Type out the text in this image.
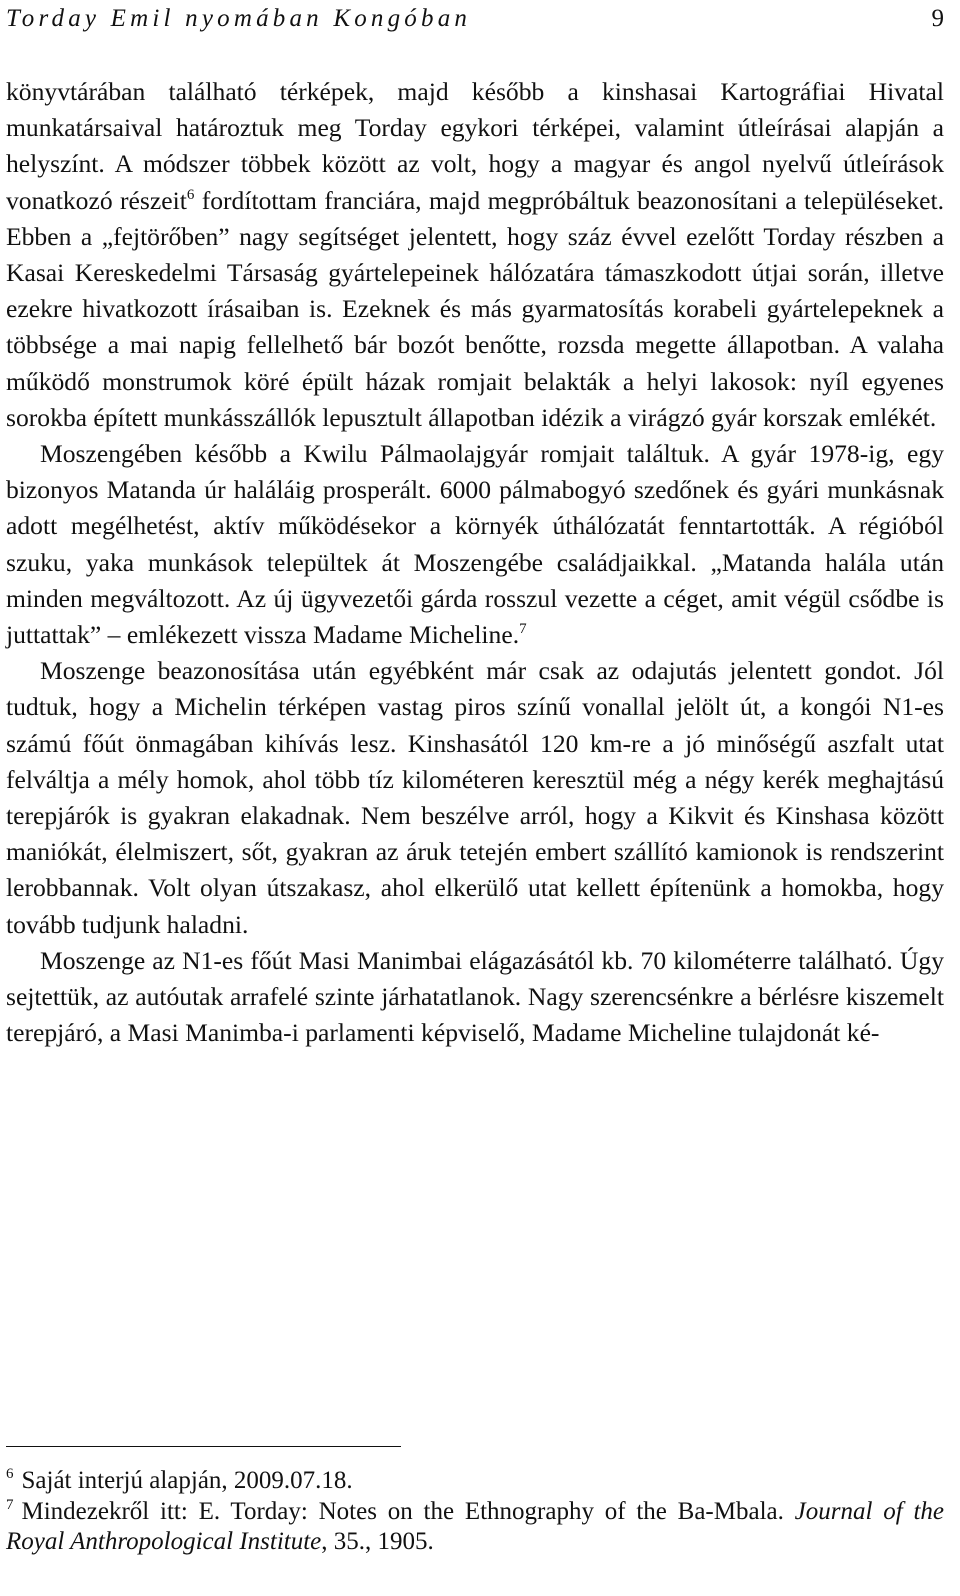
Torday Emil nyomában Kongóban	9

könyvtárában található térképek, majd később a kinshasai Kartográfiai Hivatal munkatársaival határoztuk meg Torday egykori térképei, valamint útleírásai alapján a helyszínt. A módszer többek között az volt, hogy a magyar és angol nyelvű útleírások vonatkozó részeit$^6$ fordítottam franciára, majd megpróbáltuk beazonosítani a településeket. Ebben a „fejtörőben” nagy segítséget jelentett, hogy száz évvel ezelőtt Torday részben a Kasai Kereskedelmi Társaság gyártelepeinek hálózatára támaszkodott útjai során, illetve ezekre hivatkozott írásaiban is. Ezeknek és más gyarmatosítás korabeli gyártelepeknek a többsége a mai napig fellelhető bár bozót benőtte, rozsda megette állapotban. A valaha működő monstrumok köré épült házak romjait belakták a helyi lakosok: nyíl egyenes sorokba épített munkásszállók lepusztult állapotban idézik a virágzó gyár korszak emlékét.

Moszengében később a Kwilu Pálmaolajgyár romjait találtuk. A gyár 1978-ig, egy bizonyos Matanda úr haláláig prosperált. 6000 pálmabogyó szedőnek és gyári munkásnak adott megélhetést, aktív működésekor a környék úthálózatát fenntartották. A régióból szuku, yaka munkások települtek át Moszengébe családjaikkal. „Matanda halála után minden megváltozott. Az új ügyvezetői gárda rosszul vezette a céget, amit végül csődbe is juttattak” – emlékezett vissza Madame Micheline.$^7$

Moszenge beazonosítása után egyébként már csak az odajutás jelentett gondot. Jól tudtuk, hogy a Michelin térképen vastag piros színű vonallal jelölt út, a kongói N1-es számú főút önmagában kihívás lesz. Kinshasától 120 km-re a jó minőségű aszfalt utat felváltja a mély homok, ahol több tíz kilométeren keresztül még a négy kerék meghajtású terepjárók is gyakran elakadnak. Nem beszélve arról, hogy a Kikvit és Kinshasa között maniókát, élelmiszert, sőt, gyakran az áruk tetején embert szállító kamionok is rendszerint lerobbannak. Volt olyan útszakasz, ahol elkerülő utat kellett építenünk a homokba, hogy tovább tudjunk haladni.

Moszenge az N1-es főút Masi Manimbai elágazásától kb. 70 kilométerre található. Úgy sejtettük, az autóutak arrafelé szinte járhatatlanok. Nagy szerencsénkre a bérlésre kiszemelt terepjáró, a Masi Manimba-i parlamenti képviselő, Madame Micheline tulajdonát ké-

$^6$ Saját interjú alapján, 2009.07.18.

$^7$ Mindezekről itt: E. Torday: Notes on the Ethnography of the Ba-Mbala. Journal of the Royal Anthropological Institute, 35., 1905.
